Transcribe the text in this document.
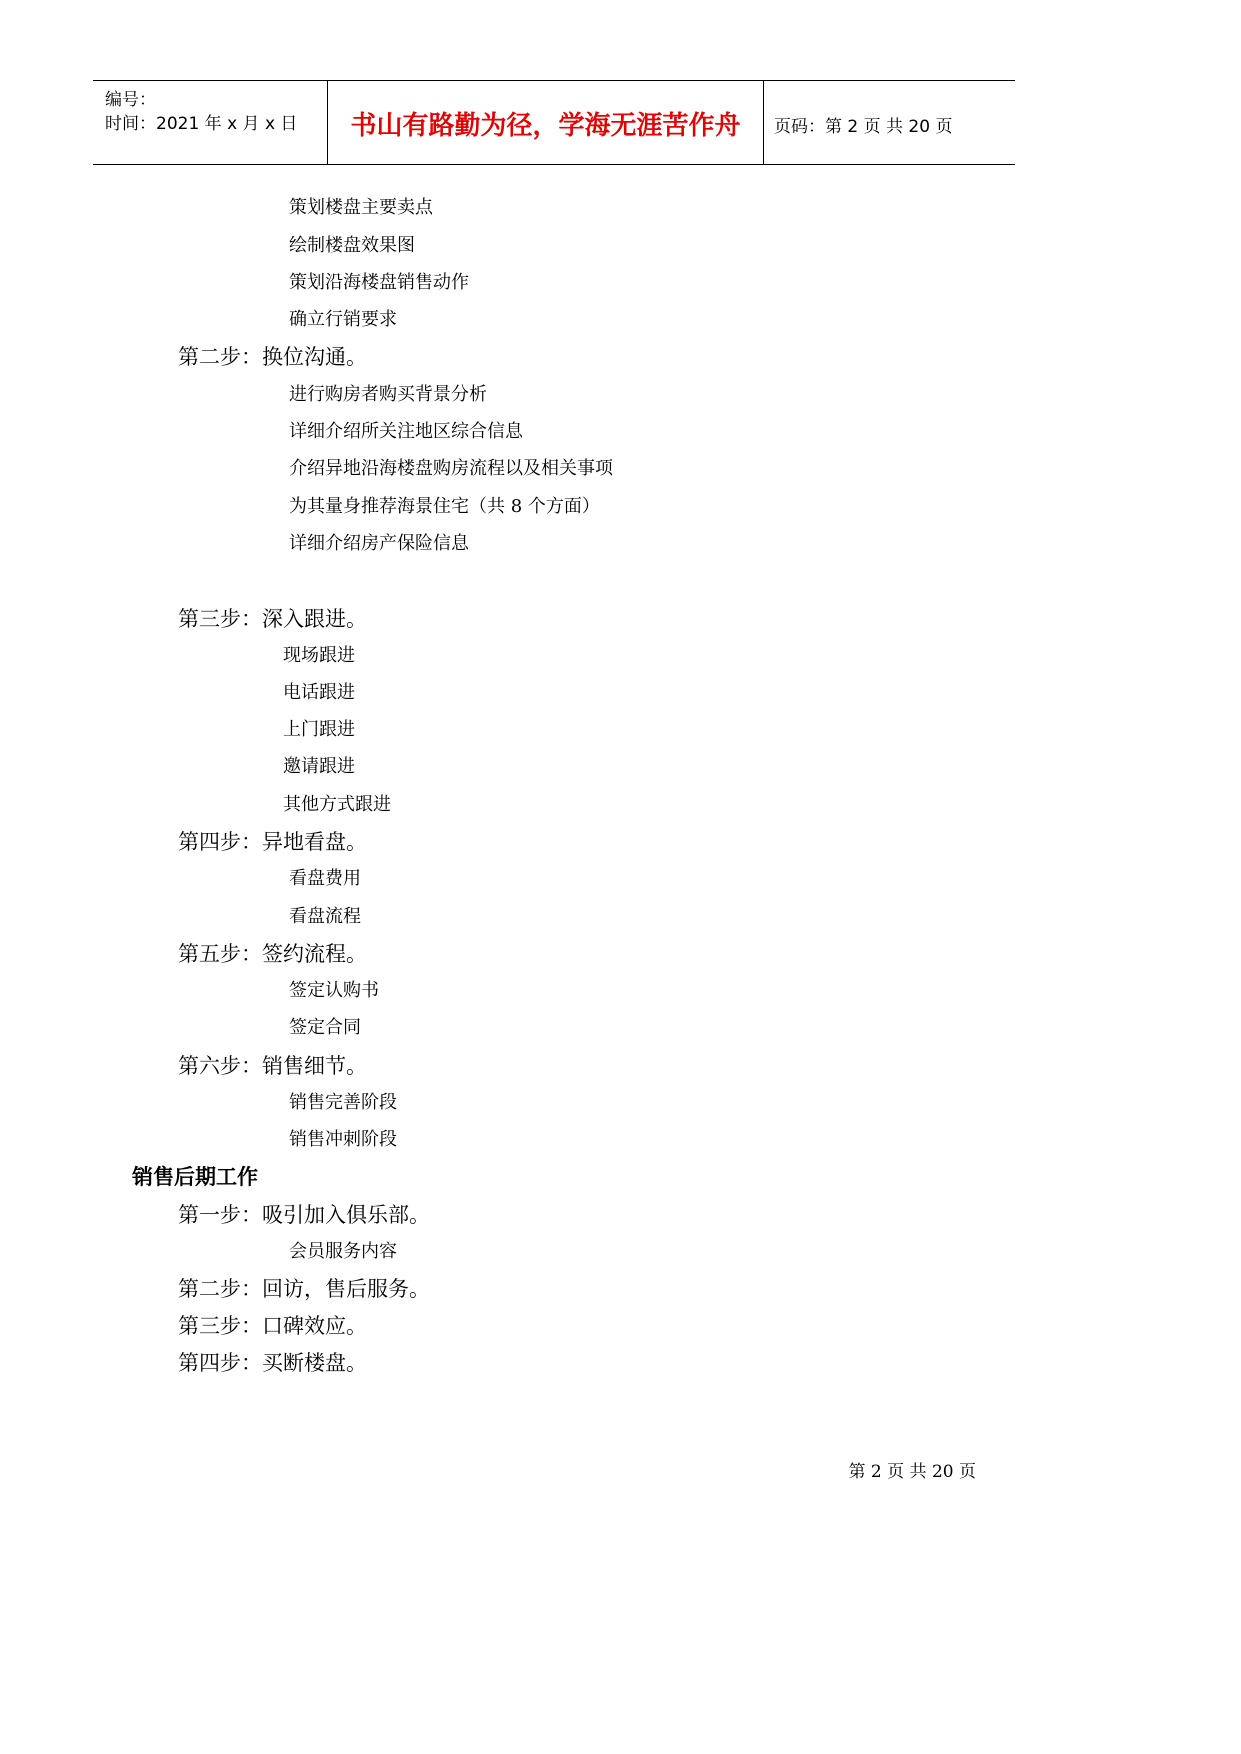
编号：
时间：2021 年 x 月 x 日	书山有路勤为径，学海无涯苦作舟	页码：第 2 页 共 20 页
策划楼盘主要卖点
绘制楼盘效果图
策划沿海楼盘销售动作
确立行销要求
第二步：换位沟通。
进行购房者购买背景分析
详细介绍所关注地区综合信息
介绍异地沿海楼盘购房流程以及相关事项
为其量身推荐海景住宅（共 8 个方面）
详细介绍房产保险信息
第三步：深入跟进。
现场跟进
电话跟进
上门跟进
邀请跟进
其他方式跟进
第四步：异地看盘。
看盘费用
看盘流程
第五步：签约流程。
签定认购书
签定合同
第六步：销售细节。
销售完善阶段
销售冲刺阶段
销售后期工作
第一步：吸引加入俱乐部。
会员服务内容
第二步：回访，售后服务。
第三步：口碑效应。
第四步：买断楼盘。
第 2 页 共 20 页
